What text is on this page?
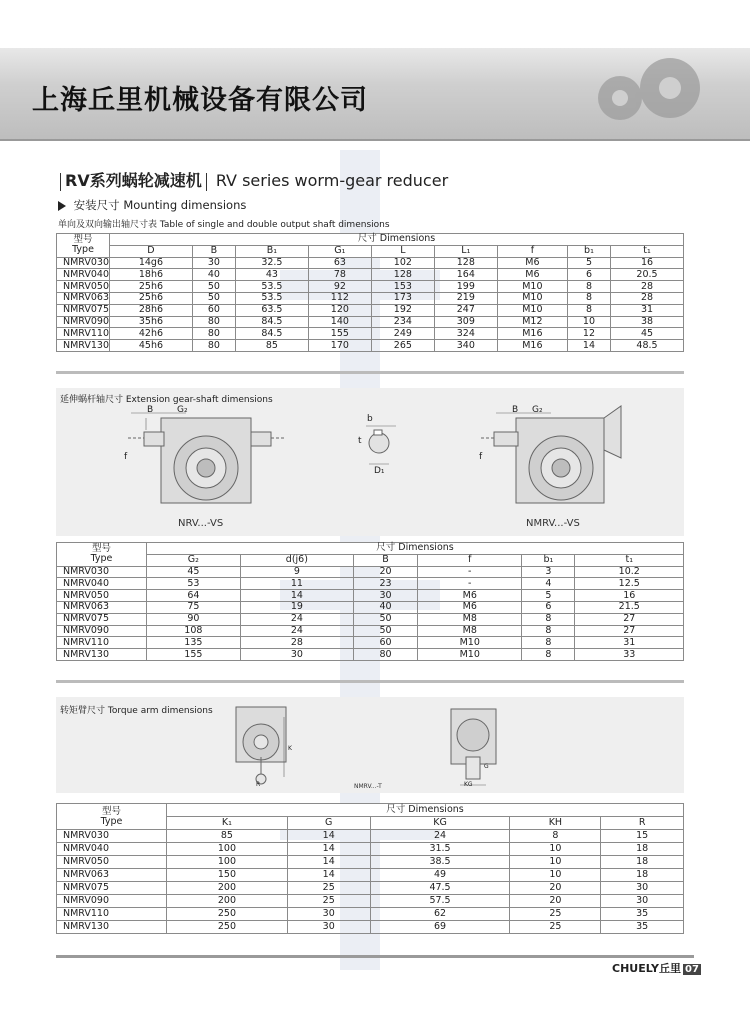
上海丘里机械设备有限公司
RV系列蜗轮减速机 RV series worm-gear reducer
安装尺寸 Mounting dimensions
单向及双向输出轴尺寸表 Table of single and double output shaft dimensions
型号
Type	尺寸 Dimensions								
	D	B	B₁	G₁	L	L₁	f	b₁	t₁
NMRV030	14g6	30	32.5	63	102	128	M6	5	16
NMRV040	18h6	40	43	78	128	164	M6	6	20.5
NMRV050	25h6	50	53.5	92	153	199	M10	8	28
NMRV063	25h6	50	53.5	112	173	219	M10	8	28
NMRV075	28h6	60	63.5	120	192	247	M10	8	31
NMRV090	35h6	80	84.5	140	234	309	M12	10	38
NMRV110	42h6	80	84.5	155	249	324	M16	12	45
NMRV130	45h6	80	85	170	265	340	M16	14	48.5
延伸蜗杆轴尺寸 Extension gear-shaft dimensions
B	G₂
f
b
t
D₁
B G₂
f
NRV...-VS	NMRV...-VS
型号
Type	尺寸 Dimensions					
	G₂	d(j6)	B	f	b₁	t₁
NMRV030	45	9	20	-	3	10.2
NMRV040	53	11	23	-	4	12.5
NMRV050	64	14	30	M6	5	16
NMRV063	75	19	40	M6	6	21.5
NMRV075	90	24	50	M8	8	27
NMRV090	108	24	50	M8	8	27
NMRV110	135	28	60	M10	8	31
NMRV130	155	30	80	M10	8	33
转矩臂尺寸 Torque arm dimensions
R
K
KG
G
NMRV...-T
型号
Type	尺寸 Dimensions				
	K₁	G	KG	KH	R
NMRV030	85	14	24	8	15
NMRV040	100	14	31.5	10	18
NMRV050	100	14	38.5	10	18
NMRV063	150	14	49	10	18
NMRV075	200	25	47.5	20	30
NMRV090	200	25	57.5	20	30
NMRV110	250	30	62	25	35
NMRV130	250	30	69	25	35
CHUELY丘里 07
